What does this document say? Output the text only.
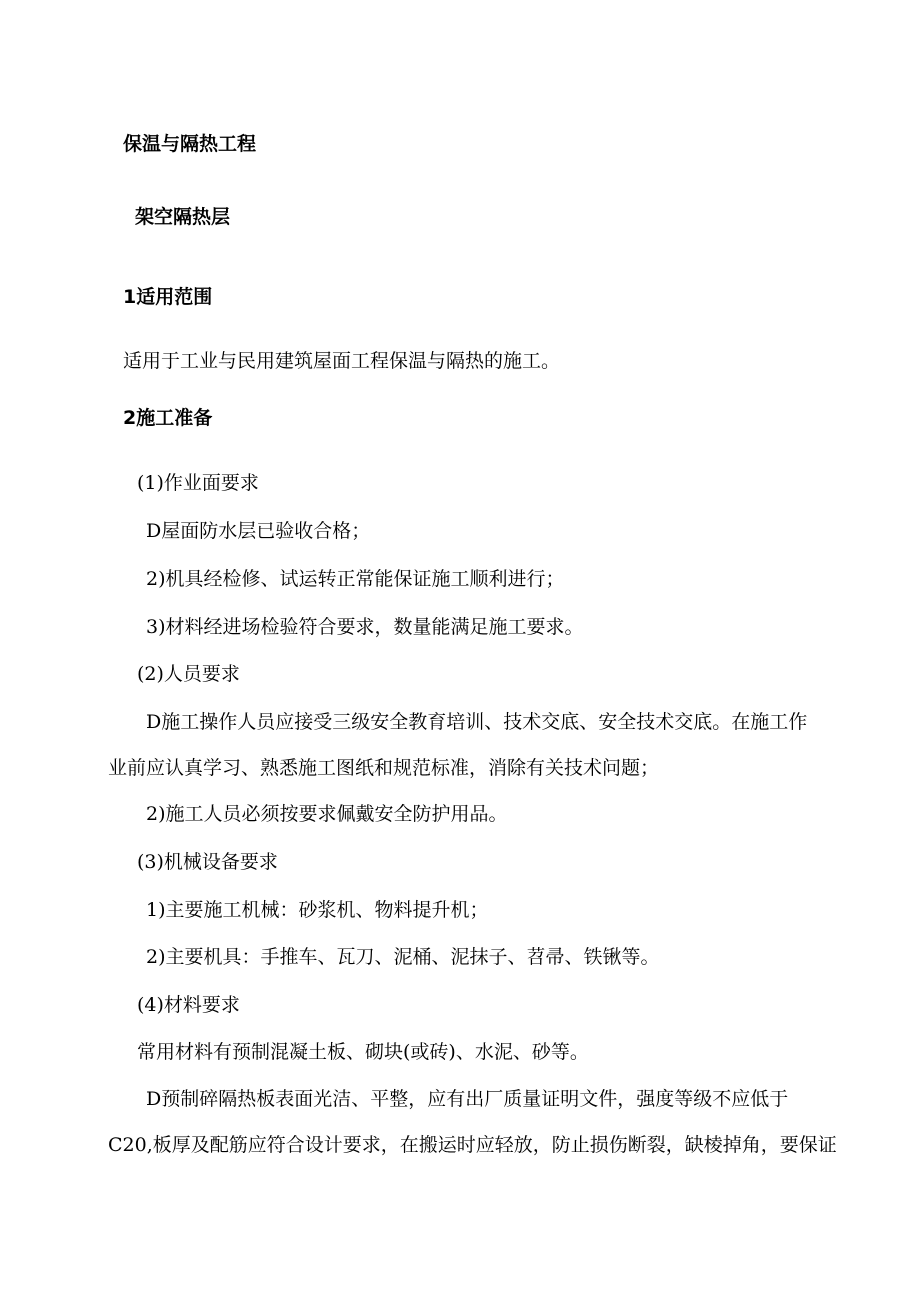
保温与隔热工程
架空隔热层
1适用范围
适用于工业与民用建筑屋面工程保温与隔热的施工。
2施工准备
(1)作业面要求
D屋面防水层已验收合格；
2)机具经检修、试运转正常能保证施工顺利进行；
3)材料经进场检验符合要求，数量能满足施工要求。
(2)人员要求
D施工操作人员应接受三级安全教育培训、技术交底、安全技术交底。在施工作
业前应认真学习、熟悉施工图纸和规范标准，消除有关技术问题；
2)施工人员必须按要求佩戴安全防护用品。
(3)机械设备要求
1)主要施工机械：砂浆机、物料提升机；
2)主要机具：手推车、瓦刀、泥桶、泥抹子、苕帚、铁锹等。
(4)材料要求
常用材料有预制混凝土板、砌块(或砖)、水泥、砂等。
D预制碎隔热板表面光洁、平整，应有出厂质量证明文件，强度等级不应低于
C20,板厚及配筋应符合设计要求，在搬运时应轻放，防止损伤断裂，缺棱掉角，要保证
